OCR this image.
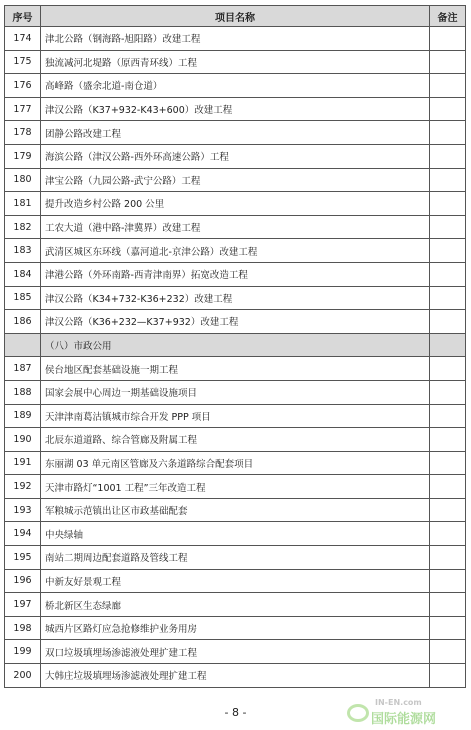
序号	项目名称	备注
174	津北公路（钢海路-旭阳路）改建工程	
175	独流减河北堤路（原西青环线）工程	
176	高峰路（盛余北道-南仓道）	
177	津汉公路（K37+932-K43+600）改建工程	
178	团静公路改建工程	
179	海滨公路（津汉公路-西外环高速公路）工程	
180	津宝公路（九园公路-武宁公路）工程	
181	提升改造乡村公路 200 公里	
182	工农大道（港中路-津冀界）改建工程	
183	武清区城区东环线（嘉河道北-京津公路）改建工程	
184	津港公路（外环南路-西青津南界）拓宽改造工程	
185	津汉公路（K34+732-K36+232）改建工程	
186	津汉公路（K36+232—K37+932）改建工程	
	（八）市政公用	
187	侯台地区配套基础设施一期工程	
188	国家会展中心周边一期基础设施项目	
189	天津津南葛沽镇城市综合开发 PPP 项目	
190	北辰东道道路、综合管廊及附属工程	
191	东丽湖 03 单元南区管廊及六条道路综合配套项目	
192	天津市路灯“1001 工程”三年改造工程	
193	军粮城示范镇出让区市政基础配套	
194	中央绿轴	
195	南站二期周边配套道路及管线工程	
196	中新友好景观工程	
197	桥北新区生态绿廊	
198	城西片区路灯应急抢修维护业务用房	
199	双口垃圾填埋场渗滤液处理扩建工程	
200	大韩庄垃圾填埋场渗滤液处理扩建工程	
- 8 -
IN-EN.com
国际能源网
